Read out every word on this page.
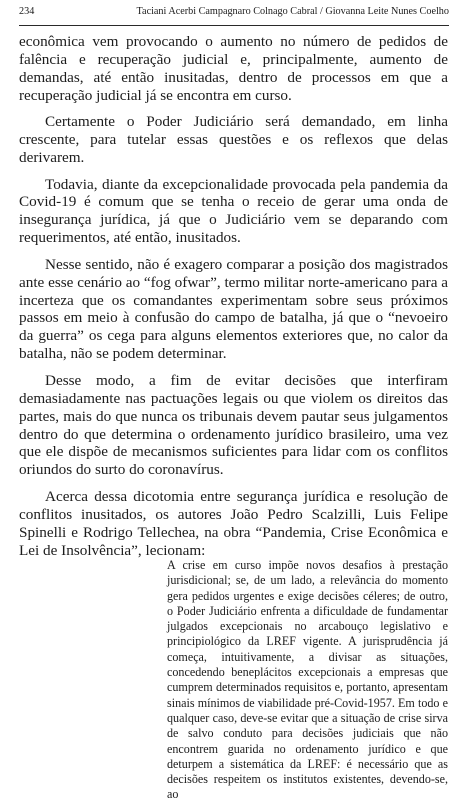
234	Taciani Acerbi Campagnaro Colnago Cabral / Giovanna Leite Nunes Coelho

econômica vem provocando o aumento no número de pedidos de falência e recuperação judicial e, principalmente, aumento de demandas, até então inusitadas, dentro de processos em que a recuperação judicial já se encontra em curso.

Certamente o Poder Judiciário será demandado, em linha crescente, para tutelar essas questões e os reflexos que delas derivarem.

Todavia, diante da excepcionalidade provocada pela pandemia da Covid-19 é comum que se tenha o receio de gerar uma onda de insegurança jurídica, já que o Judiciário vem se deparando com requerimentos, até então, inusitados.

Nesse sentido, não é exagero comparar a posição dos magistrados ante esse cenário ao “fog ofwar”, termo militar norte-americano para a incerteza que os comandantes experimentam sobre seus próximos passos em meio à confusão do campo de batalha, já que o “nevoeiro da guerra” os cega para alguns elementos exteriores que, no calor da batalha, não se podem determinar.

Desse modo, a fim de evitar decisões que interfiram demasiadamente nas pactuações legais ou que violem os direitos das partes, mais do que nunca os tribunais devem pautar seus julgamentos dentro do que determina o ordenamento jurídico brasileiro, uma vez que ele dispõe de mecanismos suficientes para lidar com os conflitos oriundos do surto do coronavírus.

Acerca dessa dicotomia entre segurança jurídica e resolução de conflitos inusitados, os autores João Pedro Scalzilli, Luis Felipe Spinelli e Rodrigo Tellechea, na obra “Pandemia, Crise Econômica e Lei de Insolvência”, lecionam:

A crise em curso impõe novos desafios à prestação jurisdicional; se, de um lado, a relevância do momento gera pedidos urgentes e exige decisões céleres; de outro, o Poder Judiciário enfrenta a dificuldade de fundamentar julgados excepcionais no arcabouço legislativo e principiológico da LREF vigente. A jurisprudência já começa, intuitivamente, a divisar as situações, concedendo beneplácitos excepcionais a empresas que cumprem determinados requisitos e, portanto, apresentam sinais mínimos de viabilidade pré-Covid-1957. Em todo e qualquer caso, deve-se evitar que a situação de crise sirva de salvo conduto para decisões judiciais que não encontrem guarida no ordenamento jurídico e que deturpem a sistemática da LREF: é necessário que as decisões respeitem os institutos existentes, devendo-se, ao
